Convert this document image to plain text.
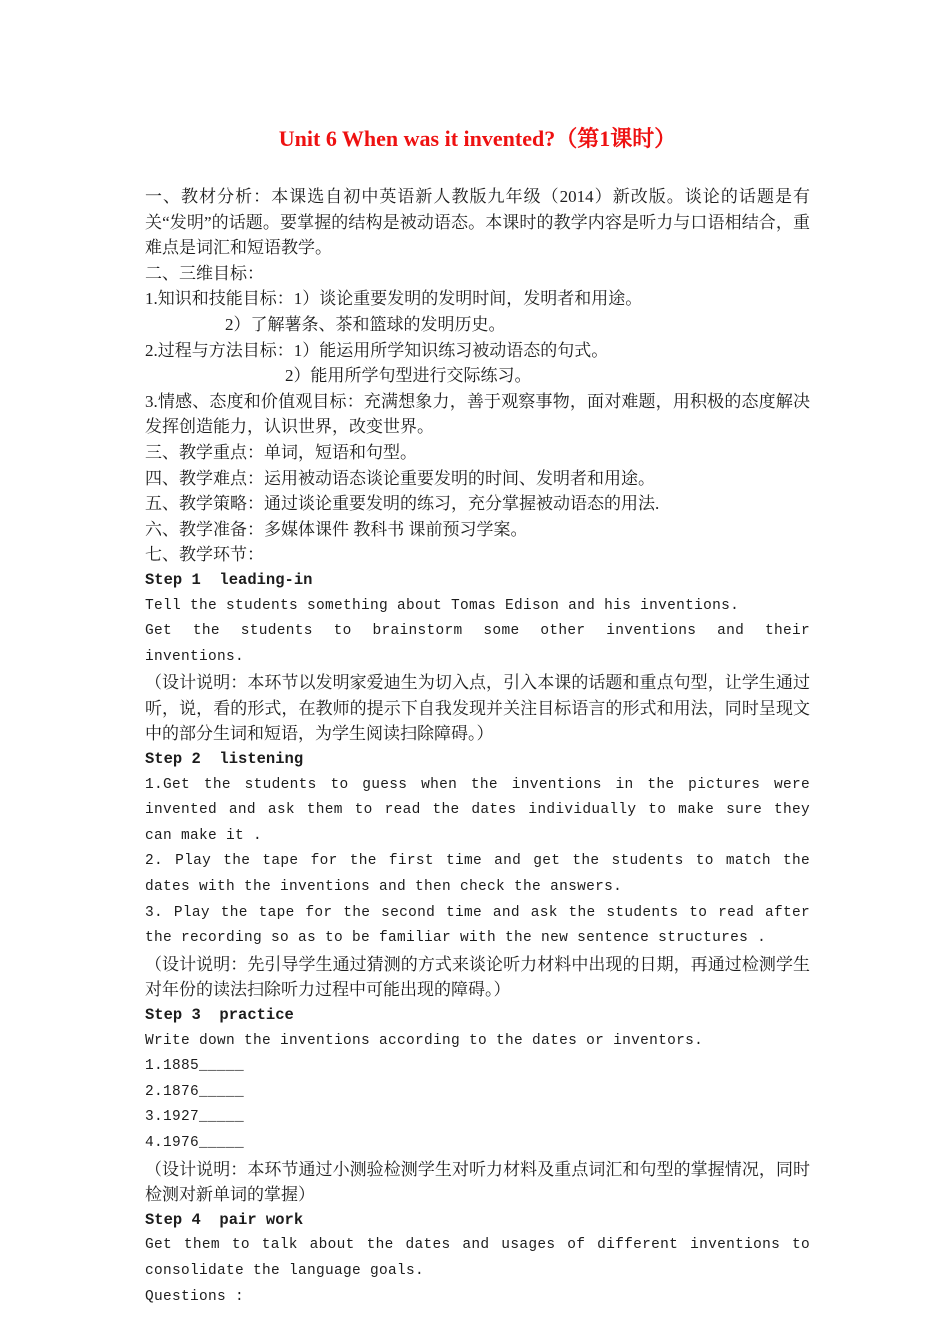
Unit 6 When was it invented?（第1课时）

一、教材分析：本课选自初中英语新人教版九年级（2014）新改版。谈论的话题是有关“发明”的话题。要掌握的结构是被动语态。本课时的教学内容是听力与口语相结合，重难点是词汇和短语教学。

二、三维目标：

1.知识和技能目标：1）谈论重要发明的发明时间，发明者和用途。

2）了解薯条、茶和篮球的发明历史。

2.过程与方法目标：1）能运用所学知识练习被动语态的句式。

2）能用所学句型进行交际练习。

3.情感、态度和价值观目标：充满想象力，善于观察事物，面对难题，用积极的态度解决发挥创造能力，认识世界，改变世界。

三、教学重点：单词，短语和句型。

四、教学难点：运用被动语态谈论重要发明的时间、发明者和用途。

五、教学策略：通过谈论重要发明的练习，充分掌握被动语态的用法.

六、教学准备：多媒体课件 教科书 课前预习学案。

七、教学环节：

Step 1  leading-in

Tell the students something about Tomas Edison and his inventions.

Get the students to brainstorm some other inventions and their inventions.

（设计说明：本环节以发明家爱迪生为切入点，引入本课的话题和重点句型，让学生通过听，说，看的形式，在教师的提示下自我发现并关注目标语言的形式和用法，同时呈现文中的部分生词和短语，为学生阅读扫除障碍。）

Step 2  listening

1.Get the students to guess when the inventions in the pictures were invented and ask them to read the dates individually to make sure they can make it .

2. Play the tape for the first time and get the students to match the dates with the inventions and then check the answers.

3. Play the tape for the second time and ask the students to read after the recording so as to be familiar with the new sentence structures .

（设计说明：先引导学生通过猜测的方式来谈论听力材料中出现的日期，再通过检测学生对年份的读法扫除听力过程中可能出现的障碍。）

Step 3  practice

Write down the inventions according to the dates or inventors.

1.1885_____

2.1876_____

3.1927_____

4.1976_____

（设计说明：本环节通过小测验检测学生对听力材料及重点词汇和句型的掌握情况，同时检测对新单词的掌握）

Step 4  pair work

Get them to talk about the dates and usages of different inventions to consolidate the language goals.

Questions :
